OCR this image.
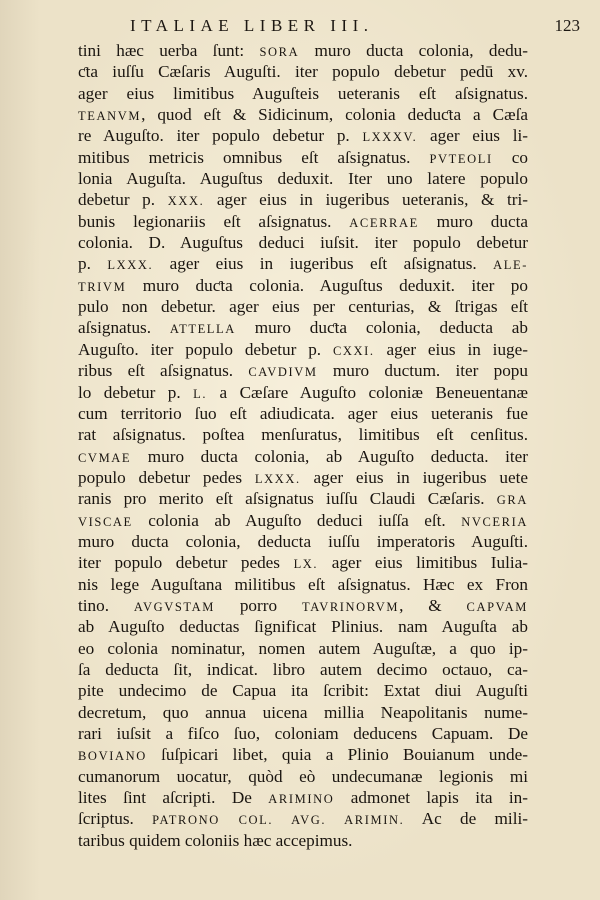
ITALIAE LIBER III.	123
tini hæc uerba ſunt: SORA muro ducta colonia, dedu-
ƈta iuſſu Cæſaris Auguſti. iter populo debetur pedū xv.
ager eius limitibus Auguſteis ueteranis eſt aſsignatus.
TEANVM, quod eſt & Sidicinum, colonia deduƈta a Cæſa
re Auguſto. iter populo debetur p. LXXXV. ager eius li-
mitibus metricis omnibus eſt aſsignatus. PVTEOLI co
lonia Auguſta. Auguſtus deduxit. Iter uno latere populo
debetur p. XXX. ager eius in iugeribus ueteranis, & tri-
bunis legionariis eſt aſsignatus. ACERRAE muro ducta
colonia. D. Auguſtus deduci iuſsit. iter populo debetur
p. LXXX. ager eius in iugeribus eſt aſsignatus. ALE-
TRIVM muro duƈta colonia. Auguſtus deduxit. iter po
pulo non debetur. ager eius per centurias, & ſtrigas eſt
aſsignatus. ATTELLA muro duƈta colonia, deducta ab
Auguſto. iter populo debetur p. CXXI. ager eius in iuge-
ribus eſt aſsignatus. CAVDIVM muro ductum. iter popu
lo debetur p. L. a Cæſare Auguſto coloniæ Beneuentanæ
cum territorio ſuo eſt adiudicata. ager eius ueteranis fue
rat aſsignatus. poſtea menſuratus, limitibus eſt cenſitus.
CVMAE muro ducta colonia, ab Auguſto deducta. iter
populo debetur pedes LXXX. ager eius in iugeribus uete
ranis pro merito eſt aſsignatus iuſſu Claudi Cæſaris. GRA
VISCAE colonia ab Auguſto deduci iuſſa eſt. NVCERIA
muro ducta colonia, deducta iuſſu imperatoris Auguſti.
iter populo debetur pedes LX. ager eius limitibus Iulia-
nis lege Auguſtana militibus eſt aſsignatus. Hæc ex Fron
tino. AVGVSTAM porro TAVRINORVM, & CAPVAM
ab Auguſto deductas ſignificat Plinius. nam Auguſta ab
eo colonia nominatur, nomen autem Auguſtæ, a quo ip-
ſa deducta ſit, indicat. libro autem decimo octauo, ca-
pite undecimo de Capua ita ſcribit: Extat diui Auguſti
decretum, quo annua uicena millia Neapolitanis nume-
rari iuſsit a fiſco ſuo, coloniam deducens Capuam. De
BOVIANO ſuſpicari libet, quia a Plinio Bouianum unde-
cumanorum uocatur, quòd eò undecumanæ legionis mi
lites ſint aſcripti. De ARIMINO admonet lapis ita in-
ſcriptus. PATRONO COL. AVG. ARIMIN. Ac de mili-
taribus quidem coloniis hæc accepimus.
